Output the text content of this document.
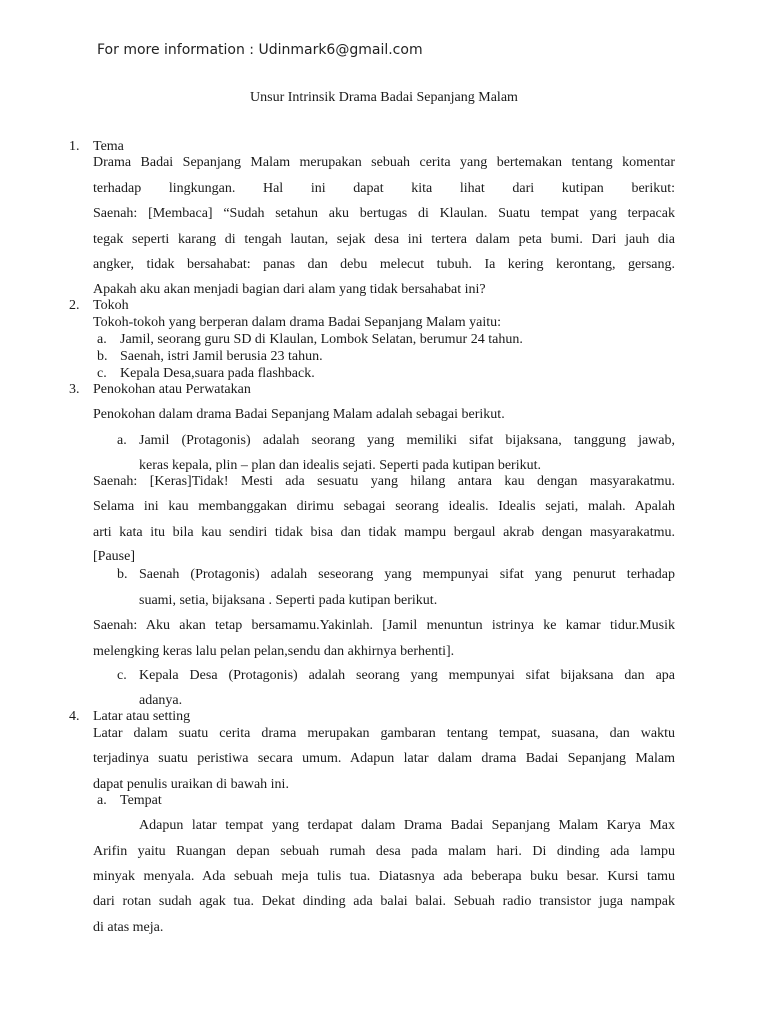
For more information : Udinmark6@gmail.com
Unsur Intrinsik Drama Badai Sepanjang Malam
1. Tema
Drama Badai Sepanjang Malam merupakan sebuah cerita yang bertemakan tentang komentar
terhadap lingkungan. Hal ini dapat kita lihat dari kutipan berikut:
Saenah: [Membaca] “Sudah setahun aku bertugas di Klaulan. Suatu tempat yang terpacak
tegak seperti karang di tengah lautan, sejak desa ini tertera dalam peta bumi. Dari jauh dia
angker, tidak bersahabat: panas dan debu melecut tubuh. Ia kering kerontang, gersang.
Apakah aku akan menjadi bagian dari alam yang tidak bersahabat ini?
2. Tokoh
Tokoh-tokoh yang berperan dalam drama Badai Sepanjang Malam yaitu:
a. Jamil, seorang guru SD di Klaulan, Lombok Selatan, berumur 24 tahun.
b. Saenah, istri Jamil berusia 23 tahun.
c. Kepala Desa,suara pada flashback.
3. Penokohan atau Perwatakan
Penokohan dalam drama Badai Sepanjang Malam adalah sebagai berikut.
a. Jamil (Protagonis) adalah seorang yang memiliki sifat bijaksana, tanggung jawab,
keras kepala, plin – plan dan idealis sejati. Seperti pada kutipan berikut.
Saenah: [Keras]Tidak! Mesti ada sesuatu yang hilang antara kau dengan masyarakatmu.
Selama ini kau membanggakan dirimu sebagai seorang idealis. Idealis sejati, malah. Apalah
arti kata itu bila kau sendiri tidak bisa dan tidak mampu bergaul akrab dengan masyarakatmu.
[Pause]
b. Saenah (Protagonis) adalah seseorang yang mempunyai sifat yang penurut terhadap
suami, setia, bijaksana . Seperti pada kutipan berikut.
Saenah: Aku akan tetap bersamamu.Yakinlah. [Jamil menuntun istrinya ke kamar tidur.Musik
melengking keras lalu pelan pelan,sendu dan akhirnya berhenti].
c. Kepala Desa (Protagonis) adalah seorang yang mempunyai sifat bijaksana dan apa
adanya.
4. Latar atau setting
Latar dalam suatu cerita drama merupakan gambaran tentang tempat, suasana, dan waktu
terjadinya suatu peristiwa secara umum. Adapun latar dalam drama Badai Sepanjang Malam
dapat penulis uraikan di bawah ini.
a. Tempat
Adapun latar tempat yang terdapat dalam Drama Badai Sepanjang Malam Karya Max
Arifin yaitu Ruangan depan sebuah rumah desa pada malam hari. Di dinding ada lampu
minyak menyala. Ada sebuah meja tulis tua. Diatasnya ada beberapa buku besar. Kursi tamu
dari rotan sudah agak tua. Dekat dinding ada balai balai. Sebuah radio transistor juga nampak
di atas meja.
